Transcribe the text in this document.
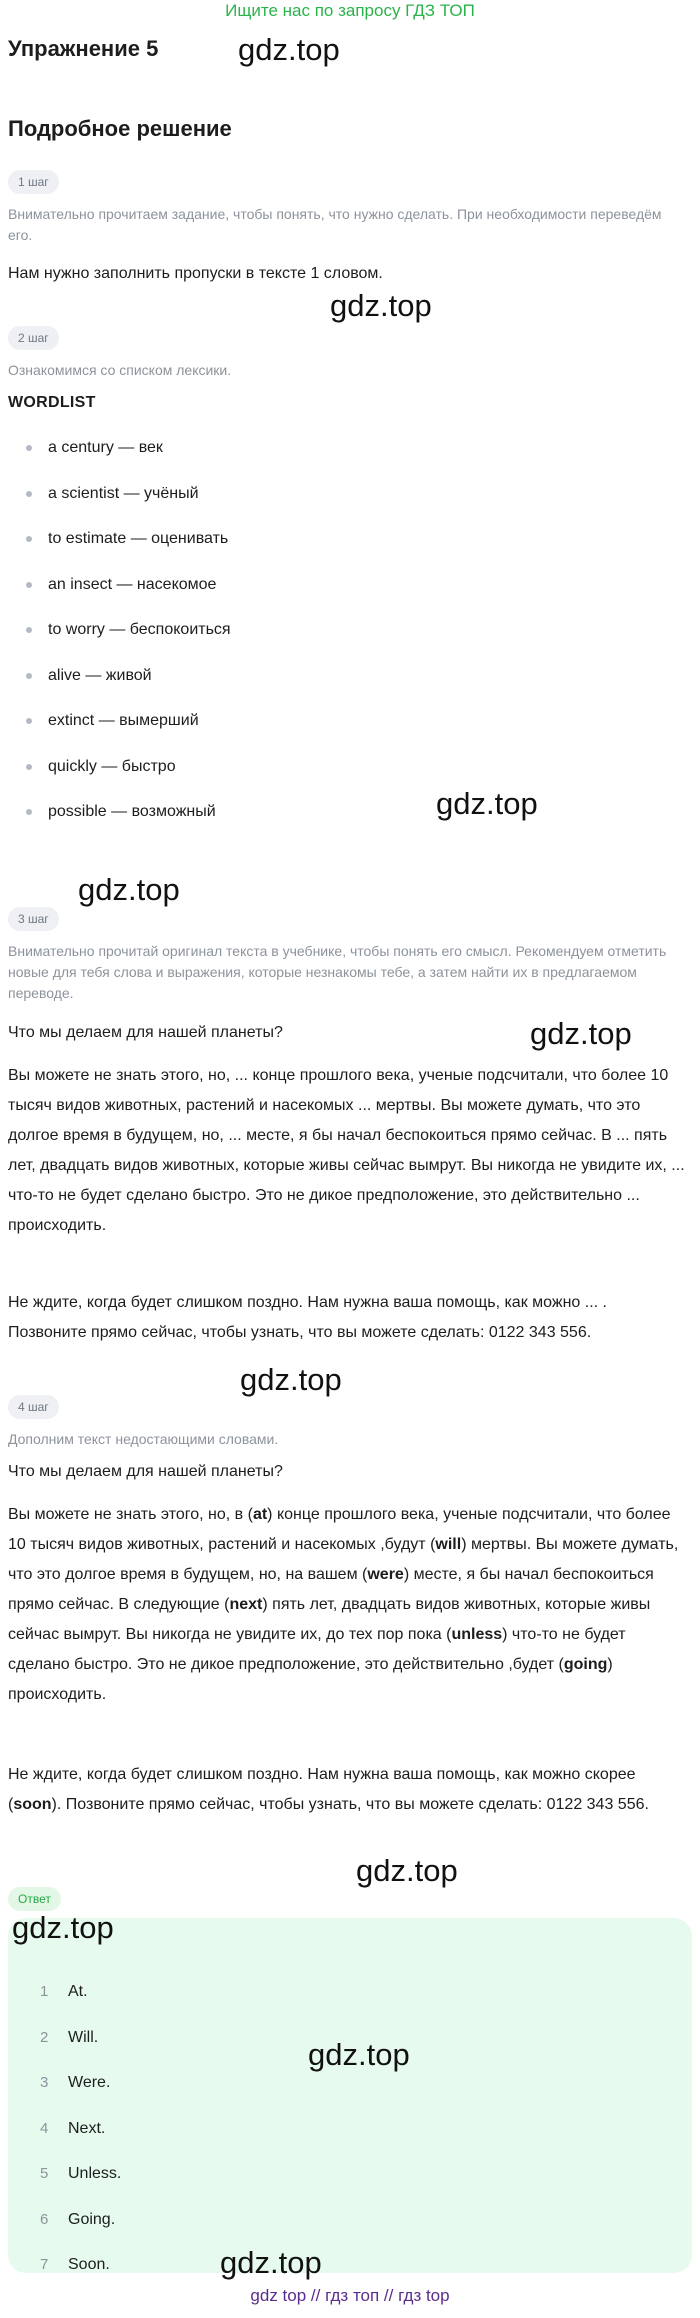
Ищите нас по запросу ГДЗ ТОП
Упражнение 5	gdz.top
Подробное решение
1 шаг
Внимательно прочитаем задание, чтобы понять, что нужно сделать. При необходимости переведём его.
Нам нужно заполнить пропуски в тексте 1 словом.
gdz.top
2 шаг
Ознакомимся со списком лексики.
WORDLIST
a century — век
a scientist — учёный
to estimate — оценивать
an insect — насекомое
to worry — беспокоиться
alive — живой
extinct — вымерший
quickly — быстро
possible — возможный	gdz.top
gdz.top
3 шаг
Внимательно прочитай оригинал текста в учебнике, чтобы понять его смысл. Рекомендуем отметить новые для тебя слова и выражения, которые незнакомы тебе, а затем найти их в предлагаемом переводе.
Что мы делаем для нашей планеты?	gdz.top
Вы можете не знать этого, но, ... конце прошлого века, ученые подсчитали, что более 10 тысяч видов животных, растений и насекомых ... мертвы. Вы можете думать, что это долгое время в будущем, но, ... месте, я бы начал беспокоиться прямо сейчас. В ... пять лет, двадцать видов животных, которые живы сейчас вымрут. Вы никогда не увидите их, ... что-то не будет сделано быстро. Это не дикое предположение, это действительно ... происходить.
Не ждите, когда будет слишком поздно. Нам нужна ваша помощь, как можно ... . Позвоните прямо сейчас, чтобы узнать, что вы можете сделать: 0122 343 556.
gdz.top
4 шаг
Дополним текст недостающими словами.
Что мы делаем для нашей планеты?
Вы можете не знать этого, но, в (at) конце прошлого века, ученые подсчитали, что более 10 тысяч видов животных, растений и насекомых ,будут (will) мертвы. Вы можете думать, что это долгое время в будущем, но, на вашем (were) месте, я бы начал беспокоиться прямо сейчас. В следующие (next) пять лет, двадцать видов животных, которые живы сейчас вымрут. Вы никогда не увидите их, до тех пор пока (unless) что-то не будет сделано быстро. Это не дикое предположение, это действительно ,будет (going) происходить.
Не ждите, когда будет слишком поздно. Нам нужна ваша помощь, как можно скорее (soon). Позвоните прямо сейчас, чтобы узнать, что вы можете сделать: 0122 343 556.
gdz.top
Ответ
gdz.top
1 At.
2 Will.
3 Were.
4 Next.
5 Unless.
6 Going.
7 Soon.
gdz.top
gdz.top
gdz top // гдз топ // гдз top
